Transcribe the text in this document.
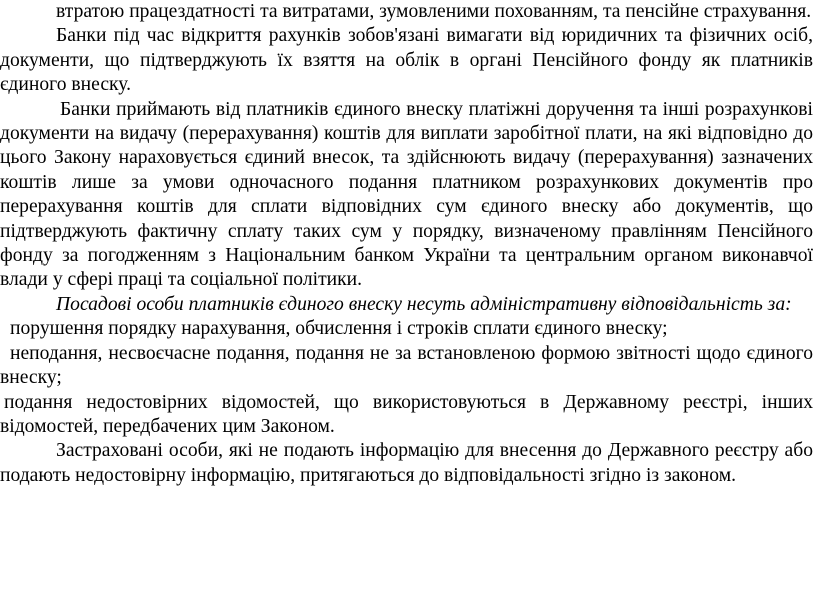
втратою працездатності та витратами, зумовленими похованням, та пенсійне страхування.

Банки під час відкриття рахунків зобов'язані вимагати від юридичних та фізичних осіб, документи, що підтверджують їх взяття на облік в органі Пенсійного фонду як платників єдиного внеску.

Банки приймають від платників єдиного внеску платіжні доручення та інші розрахункові документи на видачу (перерахування) коштів для виплати заробітної плати, на які відповідно до цього Закону нараховується єдиний внесок, та здійснюють видачу (перерахування) зазначених коштів лише за умови одночасного подання платником розрахункових документів про перерахування коштів для сплати відповідних сум єдиного внеску або документів, що підтверджують фактичну сплату таких сум у порядку, визначеному правлінням Пенсійного фонду за погодженням з Національним банком України та центральним органом виконавчої влади у сфері праці та соціальної політики.

Посадові особи платників єдиного внеску несуть адміністративну відповідальність за:

порушення порядку нарахування, обчислення і строків сплати єдиного внеску;

неподання, несвоєчасне подання, подання не за встановленою формою звітності щодо єдиного внеску;

подання недостовірних відомостей, що використовуються в Державному реєстрі, інших відомостей, передбачених цим Законом.

Застраховані особи, які не подають інформацію для внесення до Державного реєстру або подають недостовірну інформацію, притягаються до відповідальності згідно із законом.
